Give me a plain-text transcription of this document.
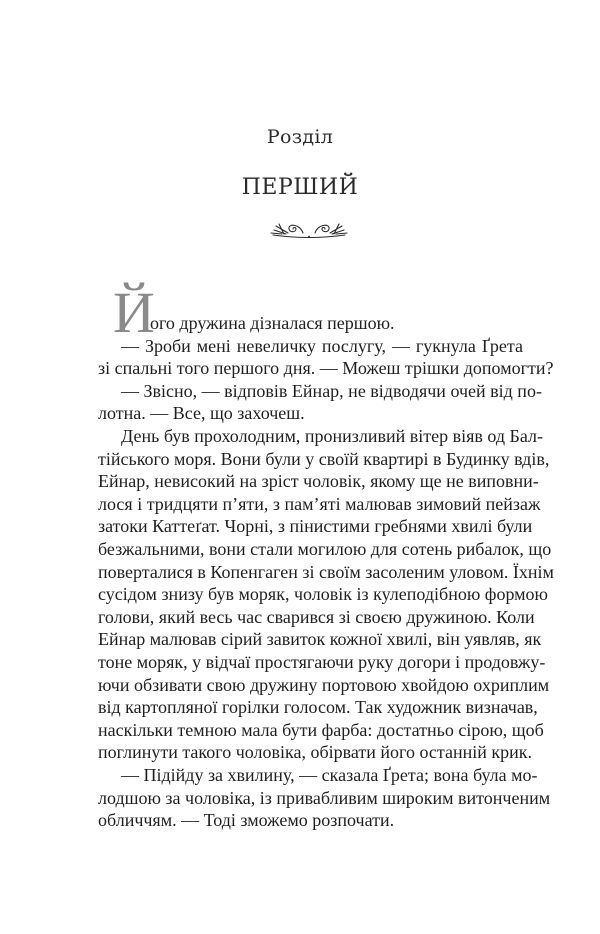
Розділ
ПЕРШИЙ
Й
ого дружина дізналася першою.
— Зроби мені невеличку послугу, — гукнула Ґрета
зі спальні того першого дня. — Можеш трішки допомогти?
— Звісно, — відповів Ейнар, не відводячи очей від по-
лотна. — Все, що захочеш.
День був прохолодним, пронизливий вітер віяв од Бал-
тійського моря. Вони були у своїй квартирі в Будинку вдів,
Ейнар, невисокий на зріст чоловік, якому ще не виповни-
лося і тридцяти п’яти, з пам’яті малював зимовий пейзаж
затоки Каттеґат. Чорні, з пінистими гребнями хвилі були
безжальними, вони стали могилою для сотень рибалок, що
поверталися в Копенгаген зі своїм засоленим уловом. Їхнім
сусідом знизу був моряк, чоловік із кулеподібною формою
голови, який весь час сварився зі своєю дружиною. Коли
Ейнар малював сірий завиток кожної хвилі, він уявляв, як
тоне моряк, у відчаї простягаючи руку догори і продовжу-
ючи обзивати свою дружину портовою хвойдою охриплим
від картопляної горілки голосом. Так художник визначав,
наскільки темною мала бути фарба: достатньо сірою, щоб
поглинути такого чоловіка, обірвати його останній крик.
— Підійду за хвилину, — сказала Ґрета; вона була мо-
лодшою за чоловіка, із привабливим широким витонченим
обличчям. — Тоді зможемо розпочати.
